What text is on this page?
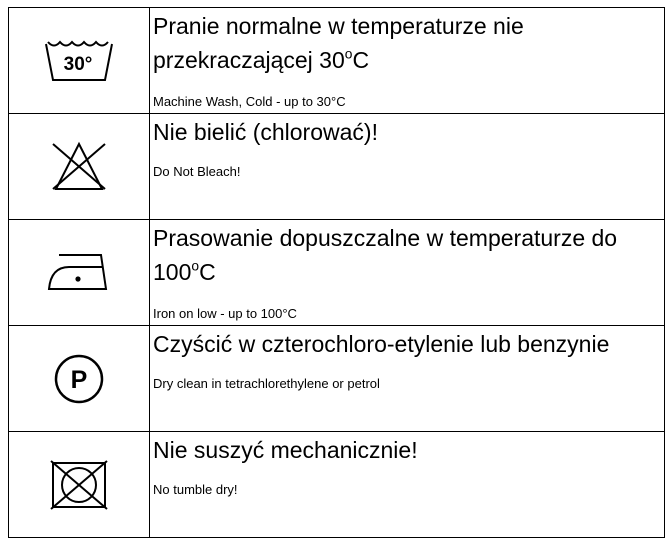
30°	Pranie normalne w temperaturze nie przekraczającej 30$^o$C
Machine Wash, Cold - up to 30°C

Nie bielić (chlorować)!
Do Not Bleach!

Prasowanie dopuszczalne w temperaturze do 100$^o$C
Iron on low - up to 100°C

P	Czyścić w czterochloro-etylenie lub benzynie
Dry clean in tetrachlorethylene or petrol

Nie suszyć mechanicznie!
No tumble dry!
